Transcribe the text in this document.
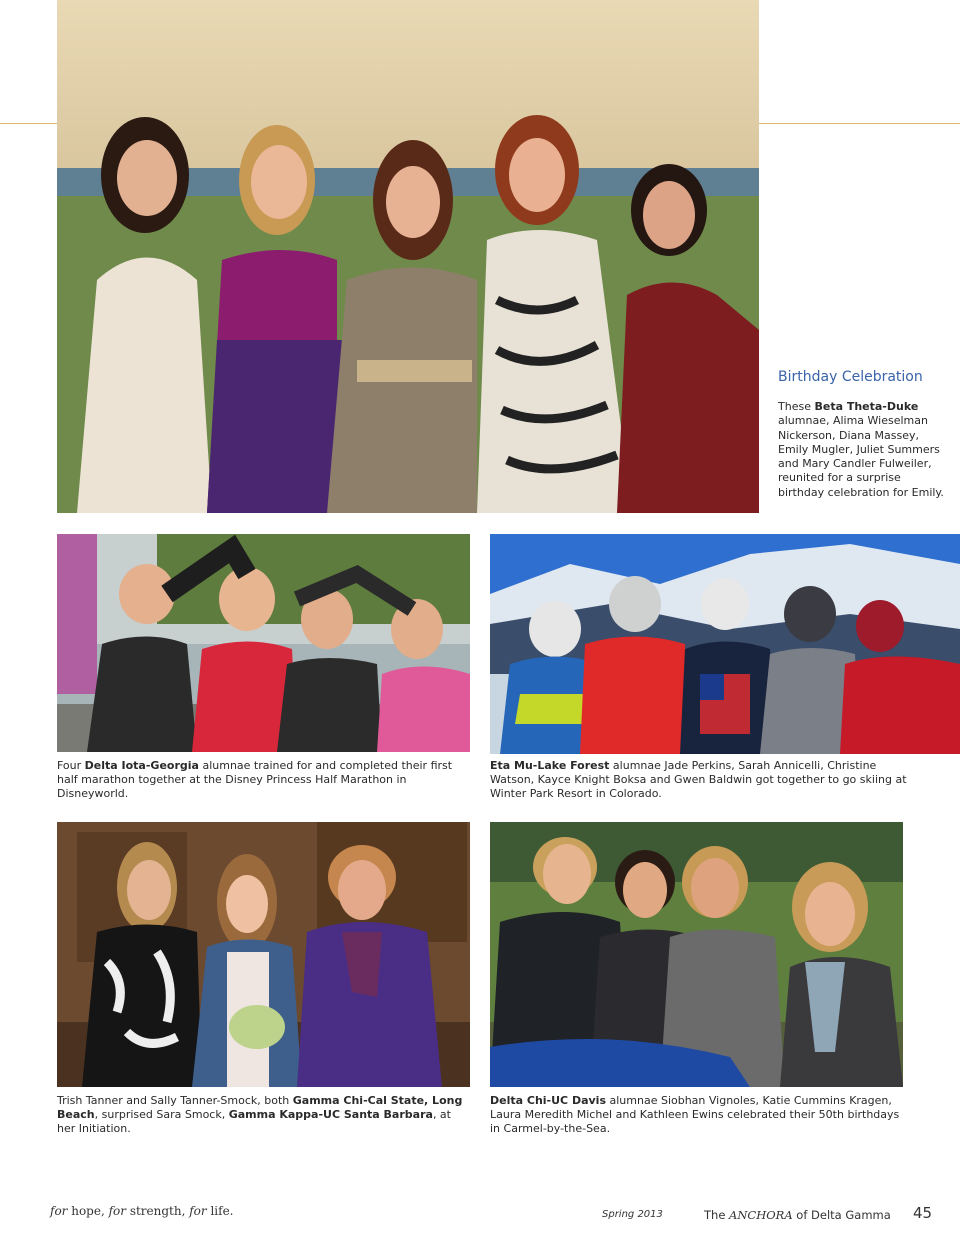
Birthday Celebration
These Beta Theta-Duke alumnae, Alima Wieselman Nickerson, Diana Massey, Emily Mugler, Juliet Summers and Mary Candler Fulweiler, reunited for a surprise birthday celebration for Emily.
Four Delta Iota-Georgia alumnae trained for and completed their first half marathon together at the Disney Princess Half Marathon in Disneyworld.
Eta Mu-Lake Forest alumnae Jade Perkins, Sarah Annicelli, Christine Watson, Kayce Knight Boksa and Gwen Baldwin got together to go skiing at Winter Park Resort in Colorado.
Trish Tanner and Sally Tanner-Smock, both Gamma Chi-Cal State, Long Beach, surprised Sara Smock, Gamma Kappa-UC Santa Barbara, at her Initiation.
Delta Chi-UC Davis alumnae Siobhan Vignoles, Katie Cummins Kragen, Laura Meredith Michel and Kathleen Ewins celebrated their 50th birthdays in Carmel-by-the-Sea.
for hope, for strength, for life.	Spring 2013	The ANCHORA of Delta Gamma 45
